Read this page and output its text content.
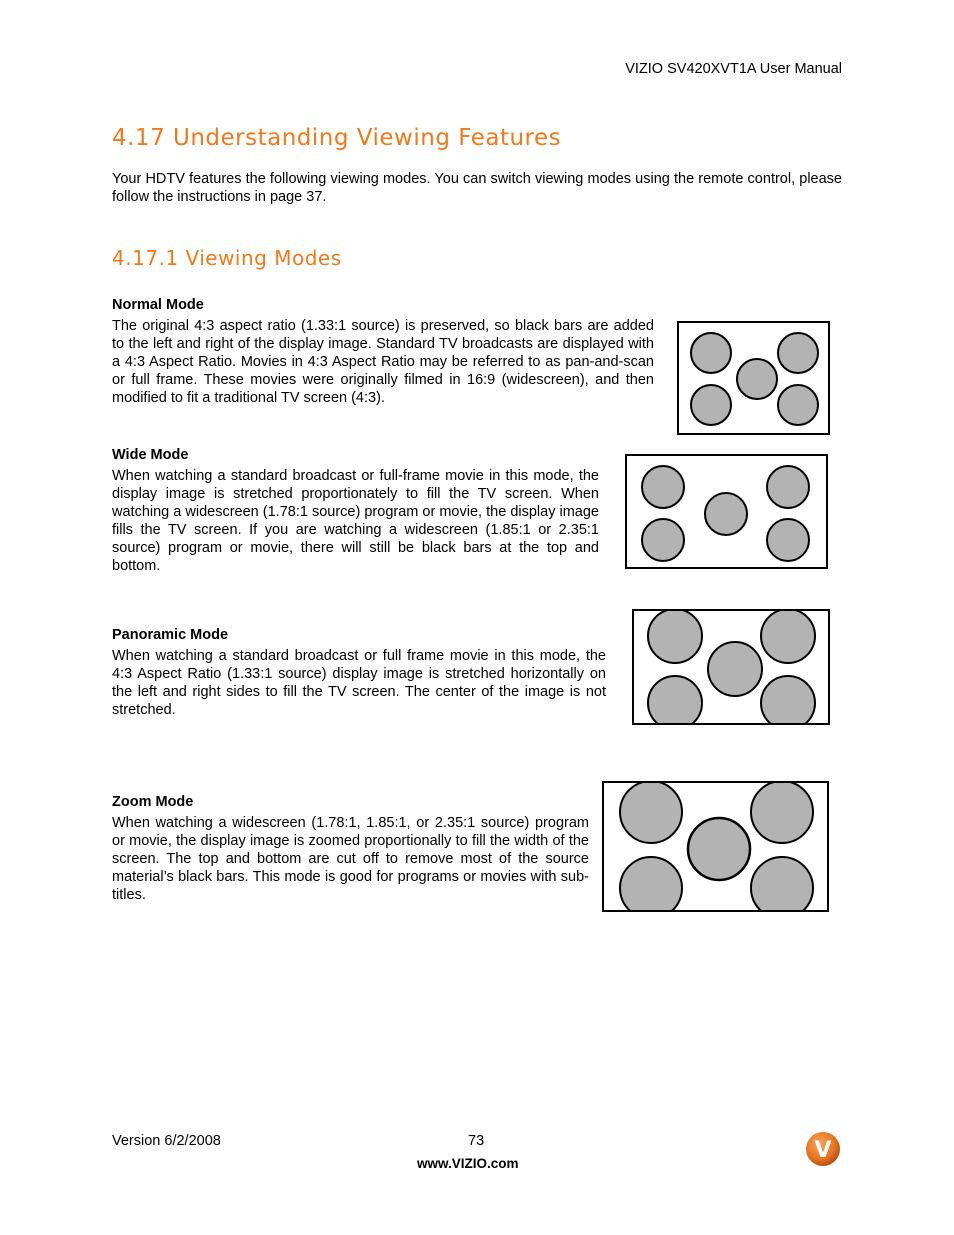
VIZIO SV420XVT1A User Manual
4.17 Understanding Viewing Features

Your HDTV features the following viewing modes. You can switch viewing modes using the remote control, please follow the instructions in page 37.

4.17.1 Viewing Modes

Normal Mode

The original 4:3 aspect ratio (1.33:1 source) is preserved, so black bars are added to the left and right of the display image. Standard TV broadcasts are displayed with a 4:3 Aspect Ratio. Movies in 4:3 Aspect Ratio may be referred to as pan-and-scan or full frame. These movies were originally filmed in 16:9 (widescreen), and then modified to fit a traditional TV screen (4:3).

Wide Mode

When watching a standard broadcast or full-frame movie in this mode, the display image is stretched proportionately to fill the TV screen. When watching a widescreen (1.78:1 source) program or movie, the display image fills the TV screen. If you are watching a widescreen (1.85:1 or 2.35:1 source) program or movie, there will still be black bars at the top and bottom.

Panoramic Mode

When watching a standard broadcast or full frame movie in this mode, the 4:3 Aspect Ratio (1.33:1 source) display image is stretched horizontally on the left and right sides to fill the TV screen. The center of the image is not stretched.

Zoom Mode

When watching a widescreen (1.78:1, 1.85:1, or 2.35:1 source) program or movie, the display image is zoomed proportionally to fill the width of the screen. The top and bottom are cut off to remove most of the source material’s black bars. This mode is good for programs or movies with sub-titles.

Version 6/2/2008	73
www.VIZIO.com
V
